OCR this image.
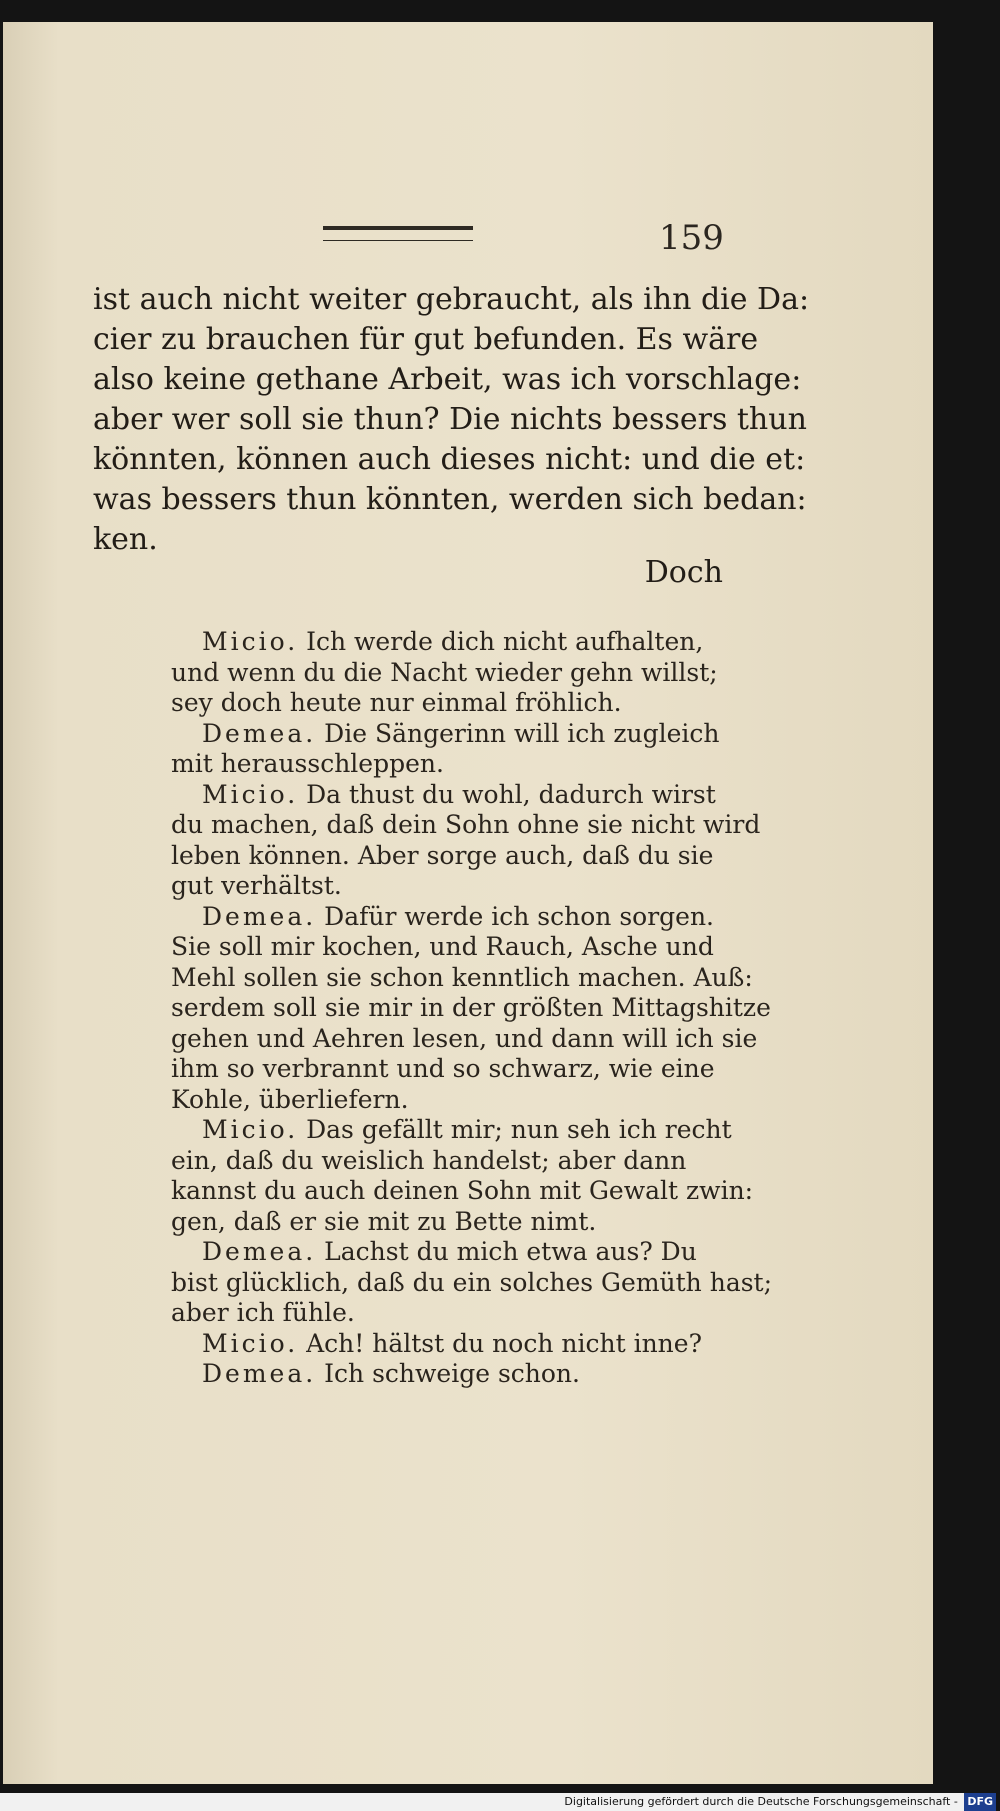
159
ist auch nicht weiter gebraucht, als ihn die Da:
cier zu brauchen für gut befunden. Es wäre
also keine gethane Arbeit, was ich vorschlage:
aber wer soll sie thun? Die nichts bessers thun
könnten, können auch dieses nicht: und die et:
was bessers thun könnten, werden sich bedan:
ken.
Doch
Micio. Ich werde dich nicht aufhalten,
und wenn du die Nacht wieder gehn willst;
sey doch heute nur einmal fröhlich.
Demea. Die Sängerinn will ich zugleich
mit herausschleppen.
Micio. Da thust du wohl, dadurch wirst
du machen, daß dein Sohn ohne sie nicht wird
leben können. Aber sorge auch, daß du sie
gut verhältst.
Demea. Dafür werde ich schon sorgen.
Sie soll mir kochen, und Rauch, Asche und
Mehl sollen sie schon kenntlich machen. Auß:
serdem soll sie mir in der größten Mittagshitze
gehen und Aehren lesen, und dann will ich sie
ihm so verbrannt und so schwarz, wie eine
Kohle, überliefern.
Micio. Das gefällt mir; nun seh ich recht
ein, daß du weislich handelst; aber dann
kannst du auch deinen Sohn mit Gewalt zwin:
gen, daß er sie mit zu Bette nimt.
Demea. Lachst du mich etwa aus? Du
bist glücklich, daß du ein solches Gemüth hast;
aber ich fühle.
Micio. Ach! hältst du noch nicht inne?
Demea. Ich schweige schon.
Digitalisierung gefördert durch die Deutsche Forschungsgemeinschaft - DFG
